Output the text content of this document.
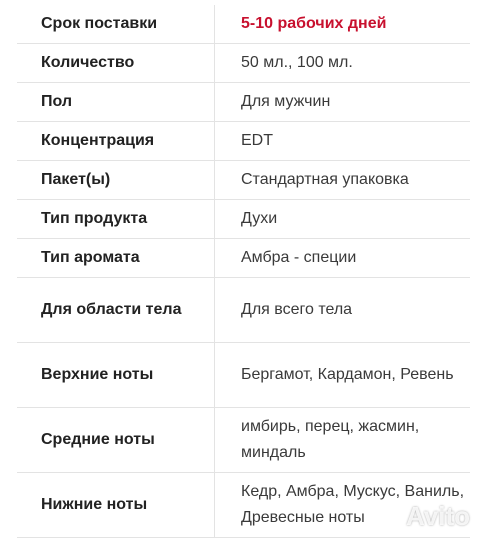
Срок поставки	5-10 рабочих дней
Количество	50 мл., 100 мл.
Пол	Для мужчин
Концентрация	EDT
Пакет(ы)	Стандартная упаковка
Тип продукта	Духи
Тип аромата	Амбра - специи
Для области тела	Для всего тела
Верхние ноты	Бергамот, Кардамон, Ревень
Средние ноты	имбирь, перец, жасмин, миндаль
Нижние ноты	Кедр, Амбра, Мускус, Ваниль, Древесные ноты Avito
